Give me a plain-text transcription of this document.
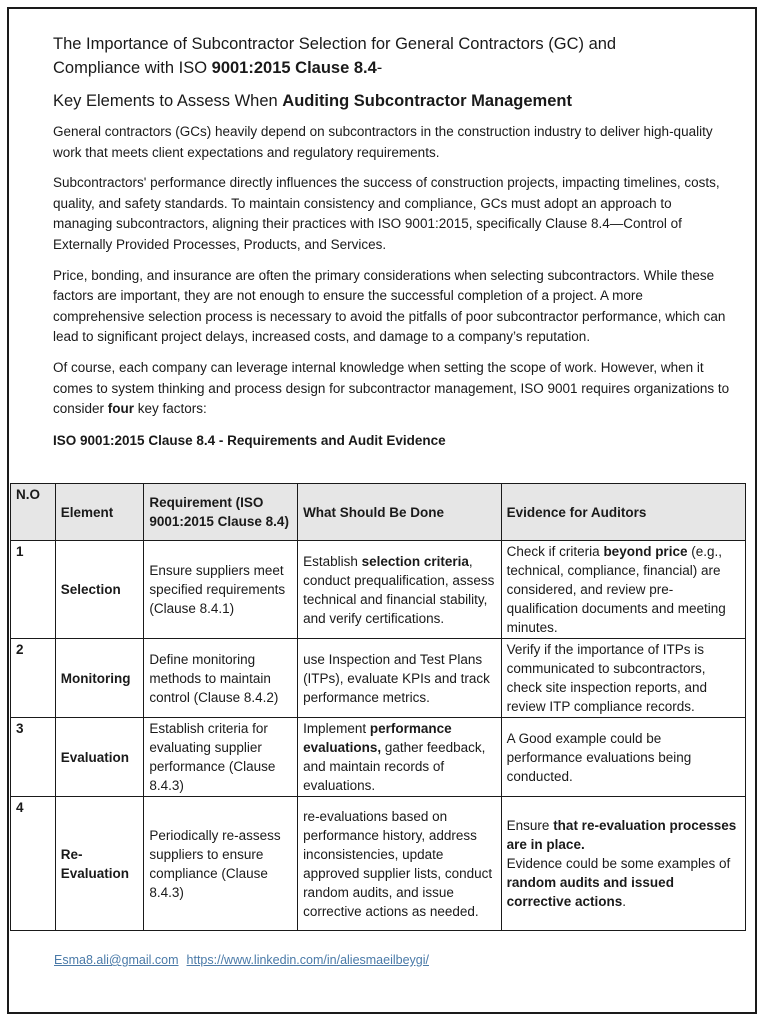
The Importance of Subcontractor Selection for General Contractors (GC) and
Compliance with ISO 9001:2015 Clause 8.4-
Key Elements to Assess When Auditing Subcontractor Management

General contractors (GCs) heavily depend on subcontractors in the construction industry to deliver high-quality work that meets client expectations and regulatory requirements.

Subcontractors' performance directly influences the success of construction projects, impacting timelines, costs, quality, and safety standards. To maintain consistency and compliance, GCs must adopt an approach to managing subcontractors, aligning their practices with ISO 9001:2015, specifically Clause 8.4—Control of Externally Provided Processes, Products, and Services.

Price, bonding, and insurance are often the primary considerations when selecting subcontractors. While these factors are important, they are not enough to ensure the successful completion of a project. A more comprehensive selection process is necessary to avoid the pitfalls of poor subcontractor performance, which can lead to significant project delays, increased costs, and damage to a company’s reputation.

Of course, each company can leverage internal knowledge when setting the scope of work. However, when it comes to system thinking and process design for subcontractor management, ISO 9001 requires organizations to consider four key factors:

ISO 9001:2015 Clause 8.4 - Requirements and Audit Evidence
N.O	Element	Requirement (ISO 9001:2015 Clause 8.4)	What Should Be Done	Evidence for Auditors
1	Selection	Ensure suppliers meet specified requirements (Clause 8.4.1)	Establish selection criteria, conduct prequalification, assess technical and financial stability, and verify certifications.	Check if criteria beyond price (e.g., technical, compliance, financial) are considered, and review pre-qualification documents and meeting minutes.
2	Monitoring	Define monitoring methods to maintain control (Clause 8.4.2)	use Inspection and Test Plans (ITPs), evaluate KPIs and track performance metrics.	Verify if the importance of ITPs is communicated to subcontractors, check site inspection reports, and review ITP compliance records.
3	Evaluation	Establish criteria for evaluating supplier performance (Clause 8.4.3)	Implement performance evaluations, gather feedback, and maintain records of evaluations.	A Good example could be performance evaluations being conducted.
4	Re-Evaluation	Periodically re-assess suppliers to ensure compliance (Clause 8.4.3)	re-evaluations based on performance history, address inconsistencies, update approved supplier lists, conduct random audits, and issue corrective actions as needed.	Ensure that re-evaluation processes are in place.
Evidence could be some examples of random audits and issued corrective actions.
Esma8.ali@gmail.com https://www.linkedin.com/in/aliesmaeilbeygi/
